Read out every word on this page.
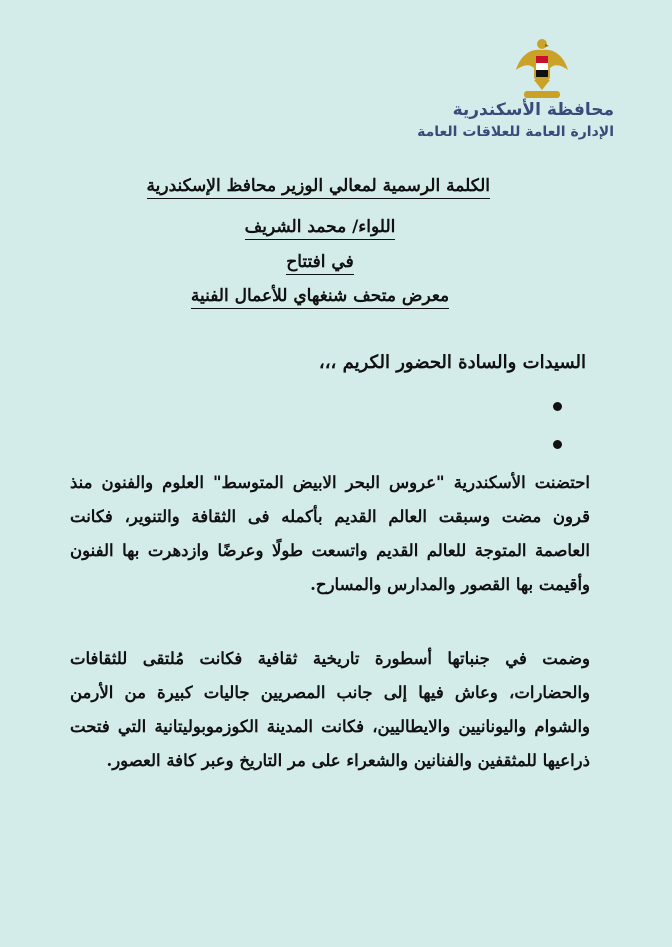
محافظة الأسكندرية
الإدارة العامة للعلاقات العامة
الكلمة الرسمية لمعالي الوزير محافظ الإسكندرية
اللواء/ محمد الشريف
في افتتاح
معرض متحف شنغهاي للأعمال الفنية
السيدات والسادة الحضور الكريم ،،،
احتضنت الأسكندرية "عروس البحر الابيض المتوسط" العلوم والفنون منذ قرون مضت وسبقت العالم القديم بأكمله فى الثقافة والتنوير، فكانت العاصمة المتوجة للعالم القديم واتسعت طولًا وعرضًا وازدهرت بها الفنون وأقيمت بها القصور والمدارس والمسارح.
وضمت في جنباتها أسطورة تاريخية ثقافية فكانت مُلتقى للثقافات والحضارات، وعاش فيها إلى جانب المصريين جاليات كبيرة من الأرمن والشوام واليونانيين والايطاليين، فكانت المدينة الكوزموبوليتانية التي فتحت ذراعيها للمثقفين والفنانين والشعراء على مر التاريخ وعبر كافة العصور.
